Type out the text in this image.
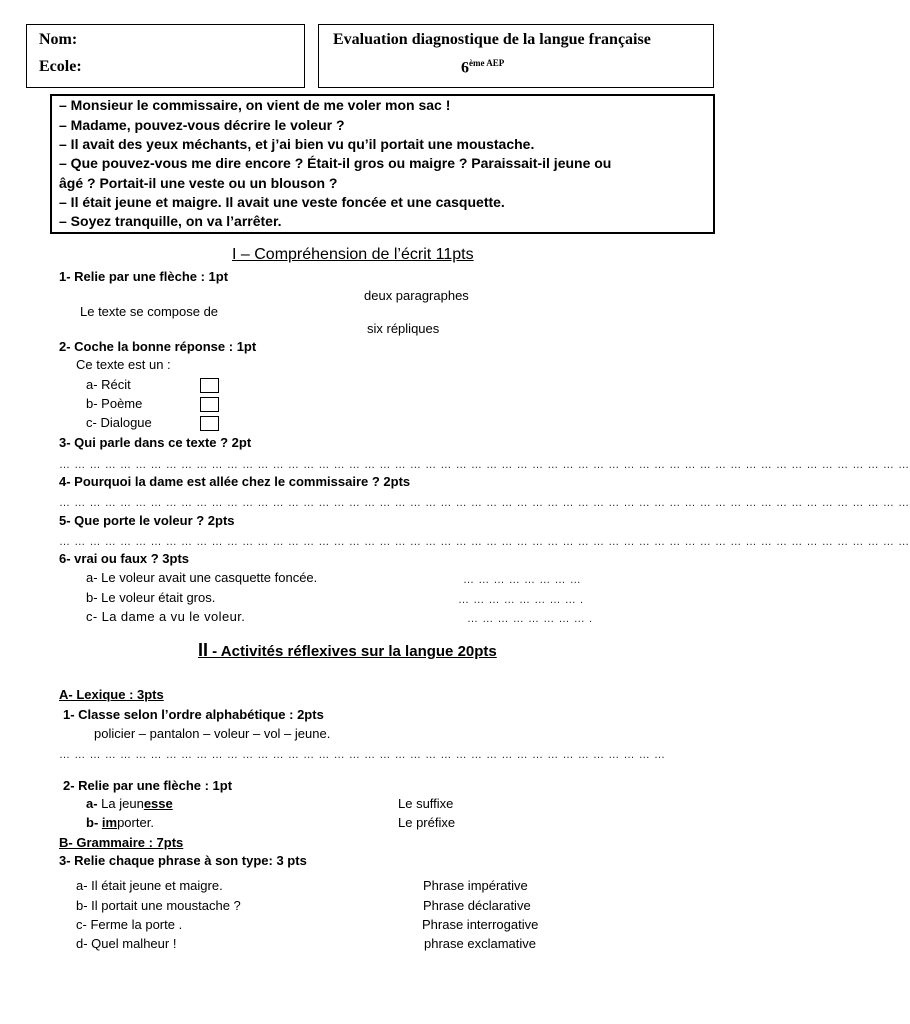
Nom:
Ecole:
Evaluation diagnostique de la langue française
$6^{ème AEP}$
– Monsieur le commissaire, on vient de me voler mon sac !
– Madame, pouvez-vous décrire le voleur ?
– Il avait des yeux méchants, et j’ai bien vu qu’il portait une moustache.
– Que pouvez-vous me dire encore ? Était-il gros ou maigre ? Paraissait-il jeune ou
âgé ? Portait-il une veste ou un blouson ?
– Il était jeune et maigre. Il avait une veste foncée et une casquette.
– Soyez tranquille, on va l’arrêter.
I – Compréhension de l’écrit 11pts
1- Relie par une flèche : 1pt
deux paragraphes
Le texte se compose de
six répliques
2- Coche la bonne réponse : 1pt
Ce texte est un :
a- Récit
b- Poème
c- Dialogue
3- Qui parle dans ce texte ? 2pt
… … … … … … … … … … … … … … … … … … … … … … … … … … … … … … … … … … … … … … … … … … … … … … … … … … … … … … … …
4- Pourquoi la dame est allée chez le commissaire ? 2pts
… … … … … … … … … … … … … … … … … … … … … … … … … … … … … … … … … … … … … … … … … … … … … … … … … … … … … … … …
5- Que porte le voleur ? 2pts
… … … … … … … … … … … … … … … … … … … … … … … … … … … … … … … … … … … … … … … … … … … … … … … … … … … … … … … …
6- vrai ou faux ? 3pts
a- Le voleur avait une casquette foncée.	… … … … … … … …
b- Le voleur était gros.	… … … … … … … … .
c- La dame a vu le voleur.	… … … … … … … … .
II - Activités réflexives sur la langue 20pts
A- Lexique : 3pts
1- Classe selon l’ordre alphabétique : 2pts
policier – pantalon – voleur – vol – jeune.
… … … … … … … … … … … … … … … … … … … … … … … … … … … … … … … … … … … … … … … …
2- Relie par une flèche : 1pt
a- La jeunesse	Le suffixe
b- importer.	Le préfixe
B- Grammaire : 7pts
3- Relie chaque phrase à son type: 3 pts
a- Il était jeune et maigre.	Phrase impérative
b- Il portait une moustache ?	Phrase déclarative
c- Ferme la porte .	Phrase interrogative
d- Quel malheur !	phrase exclamative
